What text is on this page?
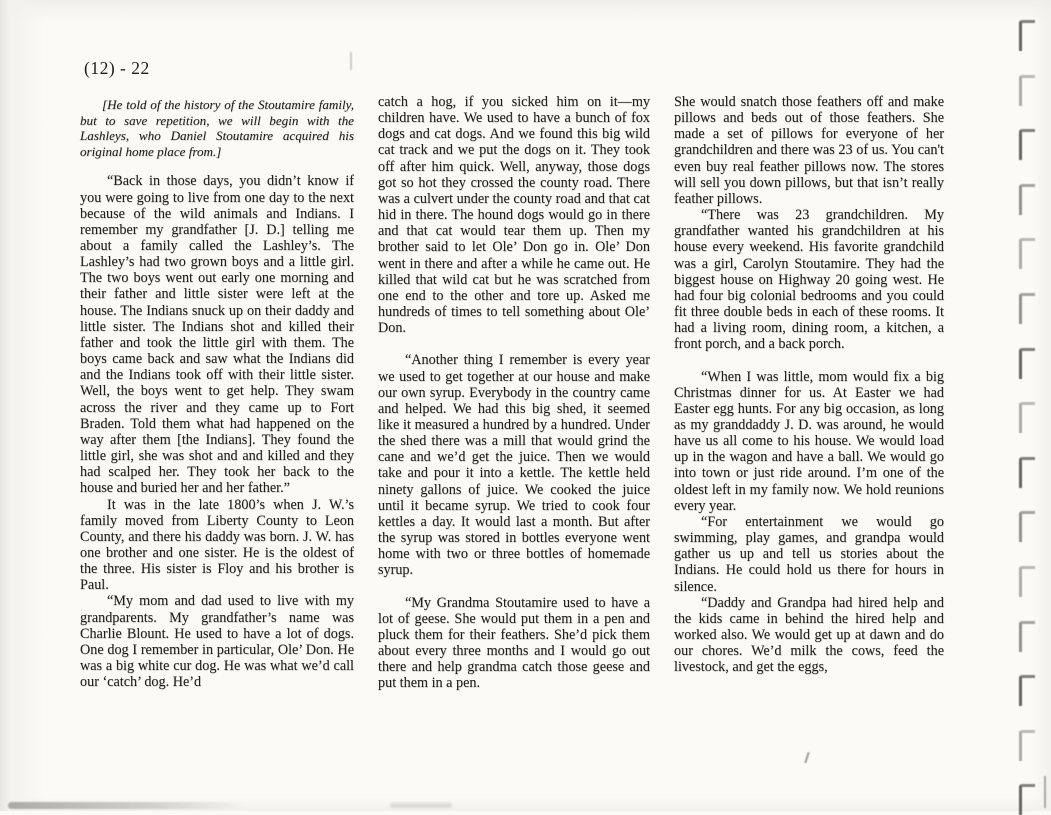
(12) - 22

[He told of the history of the Stoutamire family, but to save repetition, we will begin with the Lashleys, who Daniel Stoutamire acquired his original home place from.]

“Back in those days, you didn’t know if you were going to live from one day to the next because of the wild animals and Indians. I remember my grandfather [J. D.] telling me about a family called the Lashley’s. The Lashley’s had two grown boys and a little girl. The two boys went out early one morning and their father and little sister were left at the house. The Indians snuck up on their daddy and little sister. The Indians shot and killed their father and took the little girl with them. The boys came back and saw what the Indians did and the Indians took off with their little sister. Well, the boys went to get help. They swam across the river and they came up to Fort Braden. Told them what had happened on the way after them [the Indians]. They found the little girl, she was shot and and killed and they had scalped her. They took her back to the house and buried her and her father.”

It was in the late 1800’s when J. W.’s family moved from Liberty County to Leon County, and there his daddy was born. J. W. has one brother and one sister. He is the oldest of the three. His sister is Floy and his brother is Paul.

“My mom and dad used to live with my grandparents. My grandfather’s name was Charlie Blount. He used to have a lot of dogs. One dog I remember in particular, Ole’ Don. He was a big white cur dog. He was what we’d call our ‘catch’ dog. He’d

catch a hog, if you sicked him on it—my children have. We used to have a bunch of fox dogs and cat dogs. And we found this big wild cat track and we put the dogs on it. They took off after him quick. Well, anyway, those dogs got so hot they crossed the county road. There was a culvert under the county road and that cat hid in there. The hound dogs would go in there and that cat would tear them up. Then my brother said to let Ole’ Don go in. Ole’ Don went in there and after a while he came out. He killed that wild cat but he was scratched from one end to the other and tore up. Asked me hundreds of times to tell something about Ole’ Don.

“Another thing I remember is every year we used to get together at our house and make our own syrup. Everybody in the country came and helped. We had this big shed, it seemed like it measured a hundred by a hundred. Under the shed there was a mill that would grind the cane and we’d get the juice. Then we would take and pour it into a kettle. The kettle held ninety gallons of juice. We cooked the juice until it became syrup. We tried to cook four kettles a day. It would last a month. But after the syrup was stored in bottles everyone went home with two or three bottles of homemade syrup.

“My Grandma Stoutamire used to have a lot of geese. She would put them in a pen and pluck them for their feathers. She’d pick them about every three months and I would go out there and help grandma catch those geese and put them in a pen.

She would snatch those feathers off and make pillows and beds out of those feathers. She made a set of pillows for everyone of her grandchildren and there was 23 of us. You can't even buy real feather pillows now. The stores will sell you down pillows, but that isn’t really feather pillows.

“There was 23 grandchildren. My grandfather wanted his grandchildren at his house every weekend. His favorite grandchild was a girl, Carolyn Stoutamire. They had the biggest house on Highway 20 going west. He had four big colonial bedrooms and you could fit three double beds in each of these rooms. It had a living room, dining room, a kitchen, a front porch, and a back porch.

“When I was little, mom would fix a big Christmas dinner for us. At Easter we had Easter egg hunts. For any big occasion, as long as my granddaddy J. D. was around, he would have us all come to his house. We would load up in the wagon and have a ball. We would go into town or just ride around. I’m one of the oldest left in my family now. We hold reunions every year.

“For entertainment we would go swimming, play games, and grandpa would gather us up and tell us stories about the Indians. He could hold us there for hours in silence.

“Daddy and Grandpa had hired help and the kids came in behind the hired help and worked also. We would get up at dawn and do our chores. We’d milk the cows, feed the livestock, and get the eggs,
